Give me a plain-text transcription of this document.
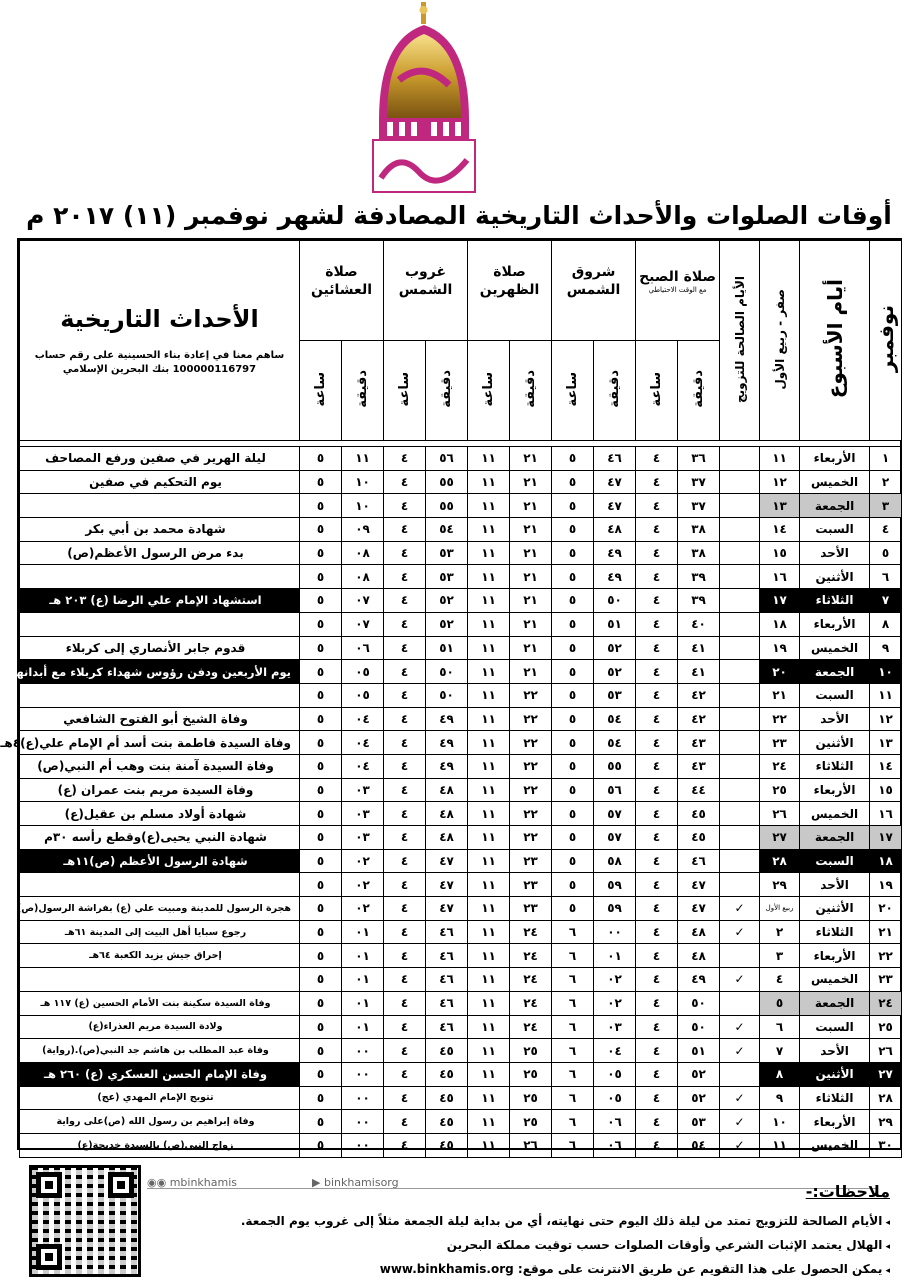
أوقات الصلوات والأحداث التاريخية المصادفة لشهر نوفمبر (١١) ٢٠١٧ م
نوفمبر	أيام الأسبوع	صفر - ربيع الأول	الأيام الصالحة للتزويج	صلاة الصبح
مع الوقت الاحتياطي		شروق الشمس		صلاة الظهرين		غروب الشمس		صلاة العشائين		الأحداث التاريخية
ساهم معنا في إعادة بناء الحسينية على رقم حساب
100000116797 بنك البحرين الإسلامي

				دقيقة	ساعة	دقيقة	ساعة	دقيقة	ساعة	دقيقة	ساعة	دقيقة	ساعة	

١	الأربعاء	١١		٣٦	٤	٤٦	٥	٢١	١١	٥٦	٤	١١	٥	ليلة الهرير في صفين ورفع المصاحف
٢	الخميس	١٢		٣٧	٤	٤٧	٥	٢١	١١	٥٥	٤	١٠	٥	يوم التحكيم في صفين
٣	الجمعة	١٣		٣٧	٤	٤٧	٥	٢١	١١	٥٥	٤	١٠	٥	
٤	السبت	١٤		٣٨	٤	٤٨	٥	٢١	١١	٥٤	٤	٠٩	٥	شهادة محمد بن أبي بكر
٥	الأحد	١٥		٣٨	٤	٤٩	٥	٢١	١١	٥٣	٤	٠٨	٥	بدء مرض الرسول الأعظم(ص)
٦	الأثنين	١٦		٣٩	٤	٤٩	٥	٢١	١١	٥٣	٤	٠٨	٥	
٧	الثلاثاء	١٧		٣٩	٤	٥٠	٥	٢١	١١	٥٢	٤	٠٧	٥	استشهاد الإمام علي الرضا (ع) ٢٠٣ هـ
٨	الأربعاء	١٨		٤٠	٤	٥١	٥	٢١	١١	٥٢	٤	٠٧	٥	
٩	الخميس	١٩		٤١	٤	٥٢	٥	٢١	١١	٥١	٤	٠٦	٥	قدوم جابر الأنصاري إلى كربلاء
١٠	الجمعة	٢٠		٤١	٤	٥٢	٥	٢١	١١	٥٠	٤	٠٥	٥	يوم الأربعين ودفن رؤوس شهداء كربلاء مع أبدانهم
١١	السبت	٢١		٤٢	٤	٥٣	٥	٢٢	١١	٥٠	٤	٠٥	٥	
١٢	الأحد	٢٢		٤٢	٤	٥٤	٥	٢٢	١١	٤٩	٤	٠٤	٥	وفاة الشيخ أبو الفتوح الشافعي
١٣	الأثنين	٢٣		٤٣	٤	٥٤	٥	٢٢	١١	٤٩	٤	٠٤	٥	وفاة السيدة فاطمة بنت أسد أم الإمام علي(ع)٤هـ
١٤	الثلاثاء	٢٤		٤٣	٤	٥٥	٥	٢٢	١١	٤٩	٤	٠٤	٥	وفاة السيدة آمنة بنت وهب أم النبي(ص)
١٥	الأربعاء	٢٥		٤٤	٤	٥٦	٥	٢٢	١١	٤٨	٤	٠٣	٥	وفاة السيدة مريم بنت عمران (ع)
١٦	الخميس	٢٦		٤٥	٤	٥٧	٥	٢٢	١١	٤٨	٤	٠٣	٥	شهادة أولاد مسلم بن عقيل(ع)
١٧	الجمعة	٢٧		٤٥	٤	٥٧	٥	٢٢	١١	٤٨	٤	٠٣	٥	شهادة النبي يحيى(ع)وقطع رأسه ٣٠م
١٨	السبت	٢٨		٤٦	٤	٥٨	٥	٢٣	١١	٤٧	٤	٠٢	٥	شهادة الرسول الأعظم (ص)١١هـ
١٩	الأحد	٢٩		٤٧	٤	٥٩	٥	٢٣	١١	٤٧	٤	٠٢	٥	
٢٠	الأثنين	ربيع الأول	✓	٤٧	٤	٥٩	٥	٢٣	١١	٤٧	٤	٠٢	٥	هجرة الرسول للمدينة ومبيت علي (ع) بفراشة الرسول(ص)
٢١	الثلاثاء	٢	✓	٤٨	٤	٠٠	٦	٢٤	١١	٤٦	٤	٠١	٥	رجوع سبايا أهل البيت إلى المدينة ٦١هـ
٢٢	الأربعاء	٣		٤٨	٤	٠١	٦	٢٤	١١	٤٦	٤	٠١	٥	إحراق جيش يزيد الكعبة ٦٤هـ
٢٣	الخميس	٤	✓	٤٩	٤	٠٢	٦	٢٤	١١	٤٦	٤	٠١	٥	
٢٤	الجمعة	٥		٥٠	٤	٠٢	٦	٢٤	١١	٤٦	٤	٠١	٥	وفاة السيدة سكينة بنت الأمام الحسين (ع) ١١٧ هـ
٢٥	السبت	٦	✓	٥٠	٤	٠٣	٦	٢٤	١١	٤٦	٤	٠١	٥	ولادة السيدة مريم العذراء(ع)
٢٦	الأحد	٧	✓	٥١	٤	٠٤	٦	٢٥	١١	٤٥	٤	٠٠	٥	وفاة عبد المطلب بن هاشم جد النبي(ص).(رواية)
٢٧	الأثنين	٨		٥٢	٤	٠٥	٦	٢٥	١١	٤٥	٤	٠٠	٥	وفاة الإمام الحسن العسكري (ع) ٢٦٠ هـ
٢٨	الثلاثاء	٩	✓	٥٢	٤	٠٥	٦	٢٥	١١	٤٥	٤	٠٠	٥	تتويج الإمام المهدي (عج)
٢٩	الأربعاء	١٠	✓	٥٣	٤	٠٦	٦	٢٥	١١	٤٥	٤	٠٠	٥	وفاة إبراهيم بن رسول الله (ص)على رواية
٣٠	الخميس	١١	✓	٥٤	٤	٠٦	٦	٢٦	١١	٤٥	٤	٠٠	٥	زواج النبي(ص) بالسيدة خديجة(ع)
◉◉ mbinkhamis	▶ binkhamisorg	ملاحظات:-
◂ الأيام الصالحة للتزويج تمتد من ليلة ذلك اليوم حتى نهايته، أي من بداية ليلة الجمعة مثلاً إلى غروب يوم الجمعة.
◂ الهلال يعتمد الإثبات الشرعي وأوقات الصلوات حسب توقيت مملكة البحرين
◂ يمكن الحصول على هذا التقويم عن طريق الانترنت على موقع: www.binkhamis.org
